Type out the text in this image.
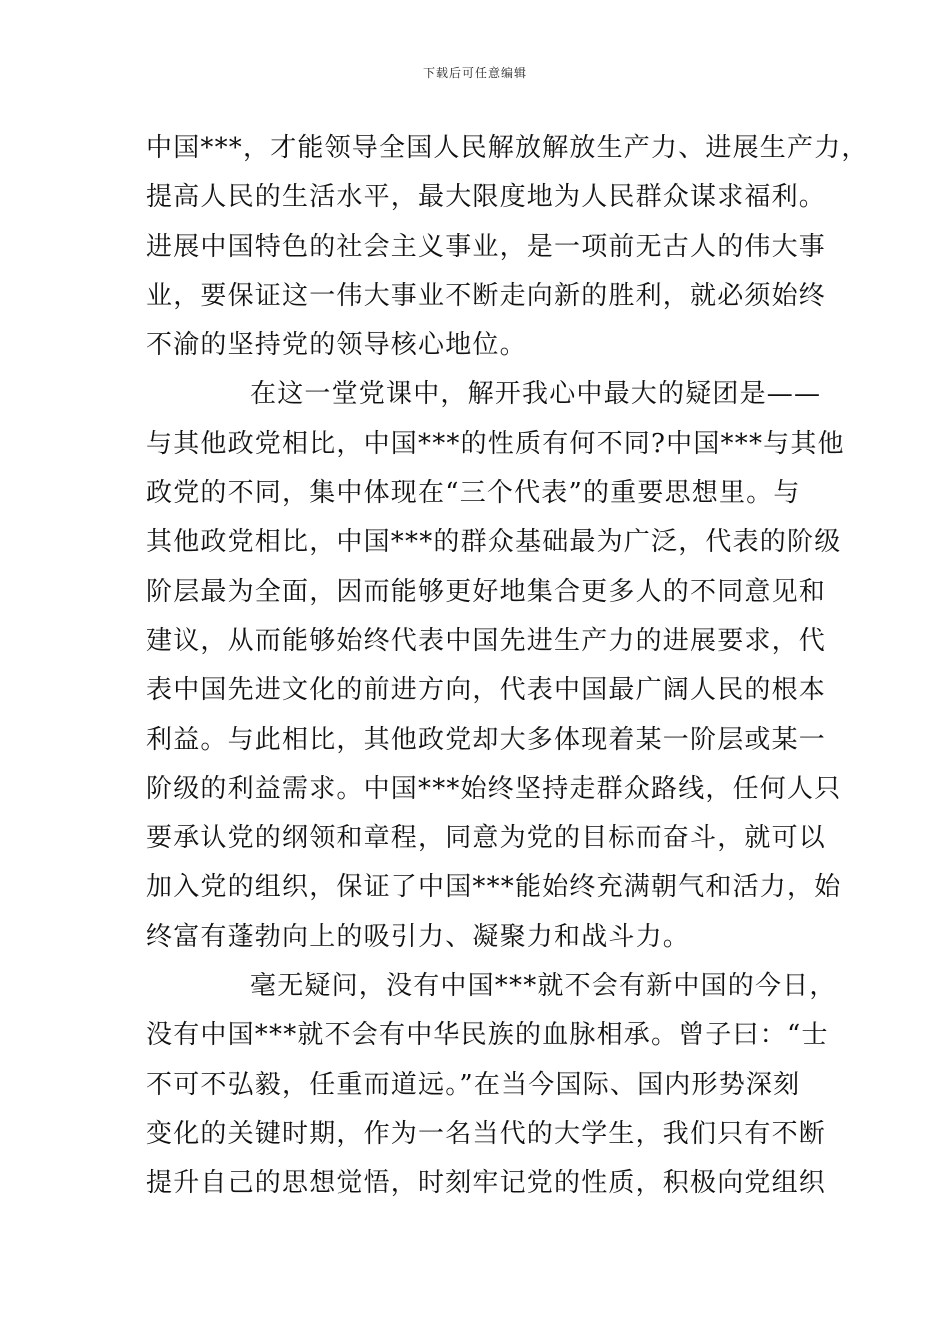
下载后可任意编辑
中国***，才能领导全国人民解放解放生产力、进展生产力，
提高人民的生活水平，最大限度地为人民群众谋求福利。
进展中国特色的社会主义事业，是一项前无古人的伟大事
业，要保证这一伟大事业不断走向新的胜利，就必须始终
不渝的坚持党的领导核心地位。
在这一堂党课中，解开我心中最大的疑团是——
与其他政党相比，中国***的性质有何不同?中国***与其他
政党的不同，集中体现在“三个代表”的重要思想里。与
其他政党相比，中国***的群众基础最为广泛，代表的阶级
阶层最为全面，因而能够更好地集合更多人的不同意见和
建议，从而能够始终代表中国先进生产力的进展要求，代
表中国先进文化的前进方向，代表中国最广阔人民的根本
利益。与此相比，其他政党却大多体现着某一阶层或某一
阶级的利益需求。中国***始终坚持走群众路线，任何人只
要承认党的纲领和章程，同意为党的目标而奋斗，就可以
加入党的组织，保证了中国***能始终充满朝气和活力，始
终富有蓬勃向上的吸引力、凝聚力和战斗力。
毫无疑问，没有中国***就不会有新中国的今日，
没有中国***就不会有中华民族的血脉相承。曾子曰：“士
不可不弘毅，任重而道远。”在当今国际、国内形势深刻
变化的关键时期，作为一名当代的大学生，我们只有不断
提升自己的思想觉悟，时刻牢记党的性质，积极向党组织
